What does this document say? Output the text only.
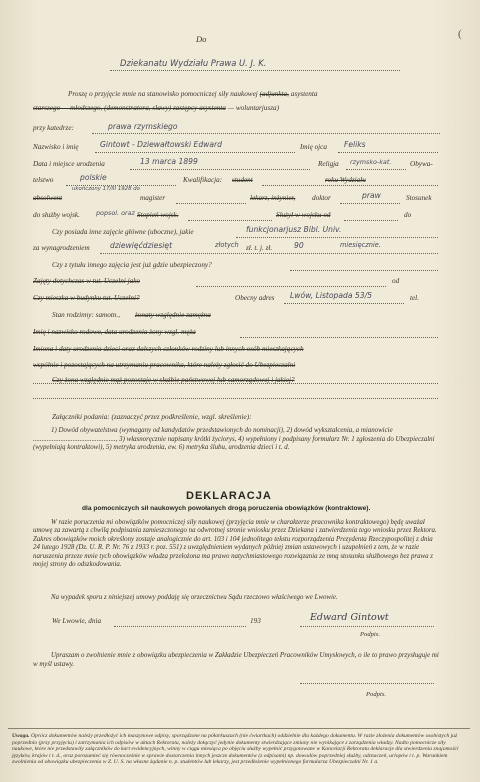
(
Do
Dziekanatu Wydziału Prawa U. J. K.
Proszę o przyjęcie mnie na stanowisko pomocniczej siły naukowej (adjunkta, asystenta
starszego — młodszego, (demonstratora, sławy) zastępcy asystenta — woluntarjusza)
przy katedrze:	prawa rzymskiego
Nazwisko i imię	Gintowt - Dziewałtowski Edward	Imię ojca Feliks
Data i miejsce urodzenia	13 marca 1899	Religja rzymsko-kat.	Obywa-
telstwo	polskie	Kwalifikacja: student	roku Wydziału
absolwent
ukończony 17/III 1928 do
magister	lekarz, inżynier, doktor	praw	Stosunek
do służby wojsk.	popsol. oraz Stopień wojsk.	Służył w wojsku od	do
Czy posiada inne zajęcie główne (uboczne), jakie	funkcjonarjusz Bibl. Univ.
za wynagrodzeniem	dziewięćdziesięt	złotych zł. t. j. zł.	90	miesięcznie.
Czy z tytułu innego zajęcia jest już gdzie ubezpieczony?
Zajęty dotychczas w tut. Uczelni jako	od
Czy mieszka w budynku tut. Uczelni?	Obecny adres Lwów, Listopada 53/5	tel.
Stan rodzinny: samotn., żonaty względnie zamężna
Imię i nazwisko rodowe, data urodzenia żony wzgl. męża
Imiona i daty urodzenia dzieci oraz dalszych członków rodziny lub innych osób mieszkających
wspólnie i pozostających na utrzymaniu pracownika, które należy zgłosić do Ubezpieczalni
Czy żona względnie mąż pozostaje w służbie państwowej lub samorządowej i jakiej?
Załączniki podania: (zaznaczyć przez podkreślenie, wzgl. skreślenie):
1) Dowód obywatelstwa (wymagany od kandydatów przedstawionych do nominacji), 2) dowód wykształcenia, a mianowicie ................................................, 3) własnoręcznie napisany krótki życiorys, 4) wypełniony i podpisany formularz Nr. 1 zgłoszenia do Ubezpieczalni (wypełniają kontraktowi), 5) metryka urodzenia, ew. 6) metryka ślubu, urodzenia dzieci i t. d.
DEKLARACJA
dla pomocniczych sił naukowych powołanych drogą poruczenia obowiązków (kontraktowe).
W razie poruczenia mi obowiązków pomocniczej siły naukowej (przyjęcia mnie w charakterze pracownika kontraktowego) będę uważał umowę za zawartą z chwilą podpisania zamieszczonego na odwrotnej stronie wniosku przez Dziekana i zatwierdzenia tego wniosku przez Rektora. Zakres obowiązków moich określony zostaje analogicznie do art. 103 i 104 jednolitego tekstu rozporządzenia Prezydenta Rzeczypospolitej z dnia 24 lutego 1928 (Dz. U. R. P. Nr. 76 z 1933 r. poz. 551) z uwzględnieniem wydanych później zmian ustawowych i uzupełnień z tem, że w razie naruszenia przeze mnie tych obowiązków władza przełożona ma prawo natychmiastowego rozwiązania ze mną stosunku służbowego bez prawa z mojej strony do odszkodowania.
Na wypadek sporu z niniejszej umowy poddaję się orzecznictwu Sądu rzeczowo właściwego we Lwowie.
We Lwowie, dnia	193	Edward Gintowt
Podpis.
Upraszam o zwolnienie mnie z obowiązku ubezpieczenia w Zakładzie Ubezpieczeń Pracowników Umysłowych, o ile to prawo przysługuje mi w myśl ustawy.
Podpis.
Uwaga. Oprócz dokumentów należy przedłożyć ich maszynowe odpisy, sporządzone na półarkuszach (nie ćwiartkach) oddzielnie dla każdego dokumentu. W razie złożenia dokumentów osobistych już poprzednio (przy przyjęciu) i zatrzymania ich odpisów w aktach Rektoratu, należy dołączyć jedynie dokumenty stwierdzające zmiany nie wynikające z zarządzenia władzy. Nadto pomocnicze siły naukowe, które nie przedstawiły załączników do kart ewidencyjnych, winny w ciągu miesiąca po objęciu służby wypełnić przygotowane w Kancelarji Rektoratu deklaracje dla stwierdzenia znajomości języków, krajów i t. d., oraz porozumieć się równocześnie w sprawie dostarczenia innych jeszcze dokumentów (z odpisami) np. dowodów poprzedniej służby, odznaczeń, urlopów i t. p. Warunkiem zwolnienia od obowiązku ubezpieczenia w Z. U. S. na własne żądanie n. p. studentów lub lekarzy, jest przedłożenie wypełnionego formularza Ubezpieczalni Nr. 1 a.
